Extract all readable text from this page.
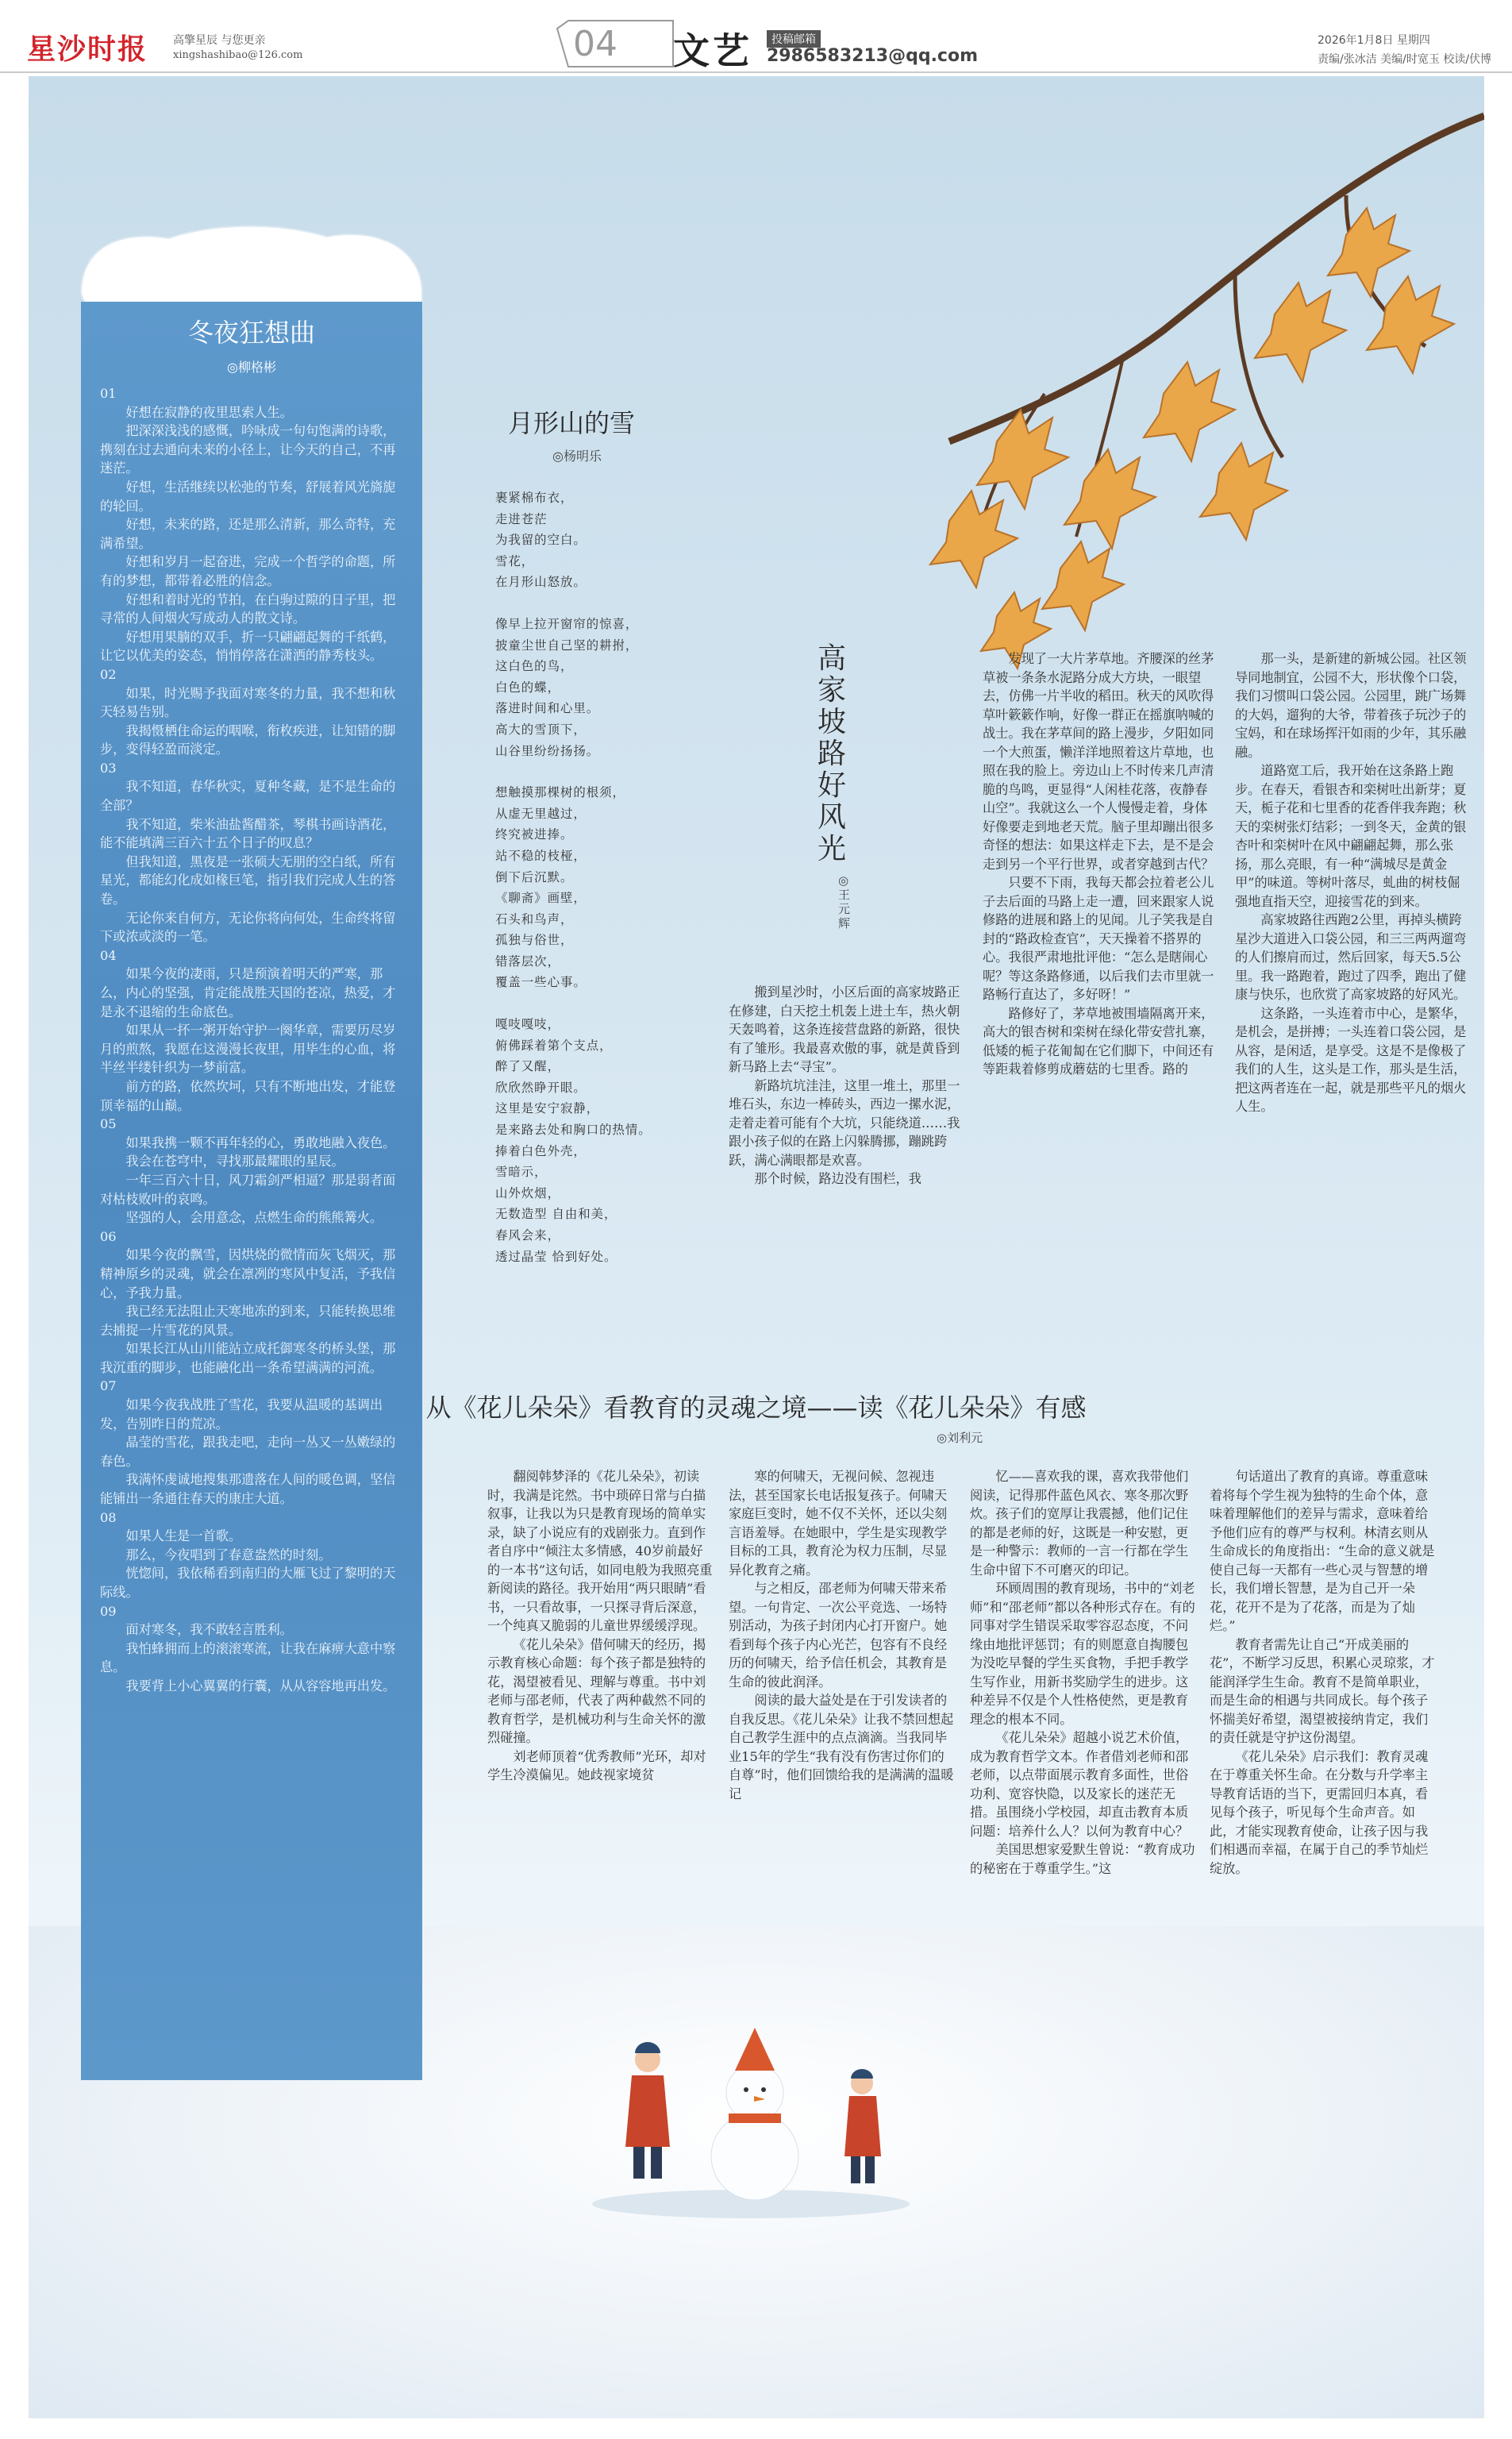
星沙时报 高擎星辰 与您更亲
xingshashibao@126.com	04 文艺	投稿邮箱
2986583213@qq.com
2026年1月8日 星期四
责编/张冰洁 美编/时宽玉 校读/伏博
冬夜狂想曲
◎柳格彬

01

好想在寂静的夜里思索人生。

把深深浅浅的感慨，吟咏成一句句饱满的诗歌，携刻在过去通向未来的小径上，让今天的自己，不再迷茫。

好想，生活继续以松弛的节奏，舒展着风光旖旎的轮回。

好想，未来的路，还是那么清新，那么奇特，充满希望。

好想和岁月一起奋进，完成一个哲学的命题，所有的梦想，都带着必胜的信念。

好想和着时光的节拍，在白驹过隙的日子里，把寻常的人间烟火写成动人的散文诗。

好想用果腩的双手，折一只翩翩起舞的千纸鹤，让它以优美的姿态，悄悄停落在潇洒的静秀枝头。

02

如果，时光赐予我面对寒冬的力量，我不想和秋天轻易告别。

我揭慑栖住命运的咽喉，衔枚疾进，让知错的脚步，变得轻盈而淡定。

03

我不知道，春华秋实，夏种冬藏，是不是生命的全部？

我不知道，柴米油盐酱醋茶，琴棋书画诗酒花，能不能填满三百六十五个日子的叹息？

但我知道，黑夜是一张硕大无朋的空白纸，所有星光，都能幻化成如椽巨笔，指引我们完成人生的答卷。

无论你来自何方，无论你将向何处，生命终将留下或浓或淡的一笔。

04

如果今夜的凄雨，只是预演着明天的严寒，那么，内心的坚强，肯定能战胜天国的苍凉，热爱，才是永不退缩的生命底色。

如果从一抔一粥开始守护一阕华章，需要历尽岁月的煎熬，我愿在这漫漫长夜里，用毕生的心血，将半丝半缕针织为一梦前富。

前方的路，依然坎坷，只有不断地出发，才能登顶幸福的山巅。

05

如果我携一颗不再年轻的心，勇敢地融入夜色。

我会在苍穹中，寻找那最耀眼的星辰。

一年三百六十日，风刀霜剑严相逼？那是弱者面对枯枝败叶的哀鸣。

坚强的人，会用意念，点燃生命的熊熊篝火。

06

如果今夜的飘雪，因烘烧的微情而灰飞烟灭，那精神原乡的灵魂，就会在凛冽的寒风中复活，予我信心，予我力量。

我已经无法阻止天寒地冻的到来，只能转换思维去捕捉一片雪花的风景。

如果长江从山川能站立成托御寒冬的桥头堡，那我沉重的脚步，也能融化出一条希望满满的河流。

07

如果今夜我战胜了雪花，我要从温暖的基调出发，告别昨日的荒凉。

晶莹的雪花，跟我走吧，走向一丛又一丛嫩绿的春色。

我满怀虔诚地搜集那遗落在人间的暖色调，坚信能铺出一条通往春天的康庄大道。

08

如果人生是一首歌。

那么，今夜唱到了春意盎然的时刻。

恍惚间，我依稀看到南归的大雁飞过了黎明的天际线。

09

面对寒冬，我不敢轻言胜利。

我怕蜂拥而上的滚滚寒流，让我在麻痹大意中察息。

我要背上小心翼翼的行囊，从从容容地再出发。

月形山的雪
◎杨明乐
裹紧棉布衣，
走进苍茫
为我留的空白。
雪花，
在月形山怒放。
像早上拉开窗帘的惊喜，
披童尘世自己坚的耕拊，
这白色的鸟，
白色的蝶，
落进时间和心里。
高大的雪顶下，
山谷里纷纷扬扬。
想触摸那棵树的根须，
从虚无里越过，
终究被进捧。
站不稳的枝桠，
倒下后沉默。
《聊斋》画壁，
石头和鸟声，
孤独与俗世，
错落层次，
覆盖一些心事。
嘎吱嘎吱，
俯佛踩着第个支点，
醉了又醒，
欣欣然睁开眼。
这里是安宁寂静，
是来路去处和胸口的热情。
捧着白色外壳，
雪暗示，
山外炊烟，
无数造型 自由和美，
春风会来，
透过晶莹 恰到好处。
高家坡路好风光
◎王元辉

搬到星沙时，小区后面的高家坡路正在修建，白天挖土机轰上进土车，热火朝天轰鸣着，这条连接营盘路的新路，很快有了雏形。我最喜欢傲的事，就是黄昏到新马路上去“寻宝”。

新路坑坑洼洼，这里一堆土，那里一堆石头，东边一棒砖头，西边一摞水泥，走着走着可能有个大坑，只能绕道……我跟小孩子似的在路上闪躲腾挪，蹦跳跨跃，满心满眼都是欢喜。

那个时候，路边没有围栏，我

发现了一大片茅草地。齐腰深的丝茅草被一条条水泥路分成大方块，一眼望去，仿佛一片半收的稻田。秋天的风吹得草叶簌簌作响，好像一群正在摇旗呐喊的战士。我在茅草间的路上漫步，夕阳如同一个大煎蛋，懒洋洋地照着这片草地，也照在我的脸上。旁边山上不时传来几声清脆的鸟鸣，更显得“人闲桂花落，夜静春山空”。我就这么一个人慢慢走着，身体好像要走到地老天荒。脑子里却蹦出很多奇怪的想法：如果这样走下去，是不是会走到另一个平行世界，或者穿越到古代？

只要不下雨，我每天都会拉着老公儿子去后面的马路上走一遭，回来跟家人说修路的进展和路上的见闻。儿子笑我是自封的“路政检查官”，天天操着不搭界的心。我很严肃地批评他：“怎么是瞎闹心呢？等这条路修通，以后我们去市里就一路畅行直达了，多好呀！”

路修好了，茅草地被围墙隔离开来，高大的银杏树和栾树在绿化带安营扎寨，低矮的栀子花匍匐在它们脚下，中间还有等距栽着修剪成蘑菇的七里香。路的

那一头，是新建的新城公园。社区领导同地制宜，公园不大，形状像个口袋，我们习惯叫口袋公园。公园里，跳广场舞的大妈，遛狗的大爷，带着孩子玩沙子的宝妈，和在球场挥汗如雨的少年，其乐融融。

道路宽工后，我开始在这条路上跑步。在春天，看银杏和栾树吐出新芽；夏天，栀子花和七里香的花香伴我奔跑；秋天的栾树张灯结彩；一到冬天，金黄的银杏叶和栾树叶在风中翩翩起舞，那么张扬，那么亮眼，有一种“满城尽是黄金甲”的味道。等树叶落尽，虬曲的树枝倔强地直指天空，迎接雪花的到来。

高家坡路往西跑2公里，再掉头横跨星沙大道进入口袋公园，和三三两两遛弯的人们擦肩而过，然后回家，每天5.5公里。我一路跑着，跑过了四季，跑出了健康与快乐，也欣赏了高家坡路的好风光。

这条路，一头连着市中心，是繁华，是机会，是拼搏；一头连着口袋公园，是从容，是闲适，是享受。这是不是像极了我们的人生，这头是工作，那头是生活，把这两者连在一起，就是那些平凡的烟火人生。

从《花儿朵朵》看教育的灵魂之境——读《花儿朵朵》有感
◎刘利元

翻阅韩梦泽的《花儿朵朵》，初读时，我满是诧然。书中琐碎日常与白描叙事，让我以为只是教育现场的简单实录，缺了小说应有的戏剧张力。直到作者自序中“倾注太多情感，40岁前最好的一本书”这句话，如同电般为我照亮重新阅读的路径。我开始用“两只眼睛”看书，一只看故事，一只探寻背后深意，一个纯真又脆弱的儿童世界缓缓浮现。

《花儿朵朵》借何啸天的经历，揭示教育核心命题：每个孩子都是独特的花，渴望被看见、理解与尊重。书中刘老师与邵老师，代表了两种截然不同的教育哲学，是机械功利与生命关怀的激烈碰撞。

刘老师顶着“优秀教师”光环，却对学生冷漠偏见。她歧视家境贫

寒的何啸天，无视问候、忽视违法，甚至国家长电话报复孩子。何啸天家庭巨变时，她不仅不关怀，还以尖刻言语羞辱。在她眼中，学生是实现教学目标的工具，教育沦为权力压制，尽显异化教育之痛。

与之相反，邵老师为何啸天带来希望。一句肯定、一次公平竞选、一场特别活动，为孩子封闭内心打开窗户。她看到每个孩子内心光芒，包容有不良经历的何啸天，给予信任机会，其教育是生命的彼此润泽。

阅读的最大益处是在于引发读者的自我反思。《花儿朵朵》让我不禁回想起自己教学生涯中的点点滴滴。当我同毕业15年的学生“我有没有伤害过你们的自尊”时，他们回馈给我的是满满的温暖记

忆——喜欢我的课，喜欢我带他们阅读，记得那件蓝色风衣、寒冬那次野炊。孩子们的宽厚让我震撼，他们记住的都是老师的好，这既是一种安慰，更是一种警示：教师的一言一行都在学生生命中留下不可磨灭的印记。

环顾周围的教育现场，书中的“刘老师”和“邵老师”都以各种形式存在。有的同事对学生错误采取零容忍态度，不问缘由地批评惩罚；有的则愿意自掏腰包为没吃早餐的学生买食物，手把手教学生写作业，用新书奖励学生的进步。这种差异不仅是个人性格使然，更是教育理念的根本不同。

《花儿朵朵》超越小说艺术价值，成为教育哲学文本。作者借刘老师和邵老师，以点带面展示教育多面性，世俗功利、宽容快隐，以及家长的迷茫无措。虽围绕小学校园，却直击教育本质问题：培养什么人？以何为教育中心？

美国思想家爱默生曾说：“教育成功的秘密在于尊重学生。”这

句话道出了教育的真谛。尊重意味着将每个学生视为独特的生命个体，意味着理解他们的差异与需求，意味着给予他们应有的尊严与权利。林清玄则从生命成长的角度指出：“生命的意义就是使自己每一天都有一些心灵与智慧的增长，我们增长智慧，是为自己开一朵花，花开不是为了花落，而是为了灿烂。”

教育者需先让自己“开成美丽的花”，不断学习反思，积累心灵琼浆，才能润泽学生生命。教育不是简单职业，而是生命的相遇与共同成长。每个孩子怀揣美好希望，渴望被接纳肯定，我们的责任就是守护这份渴望。

《花儿朵朵》启示我们：教育灵魂在于尊重关怀生命。在分数与升学率主导教育话语的当下，更需回归本真，看见每个孩子，听见每个生命声音。如此，才能实现教育使命，让孩子因与我们相遇而幸福，在属于自己的季节灿烂绽放。
